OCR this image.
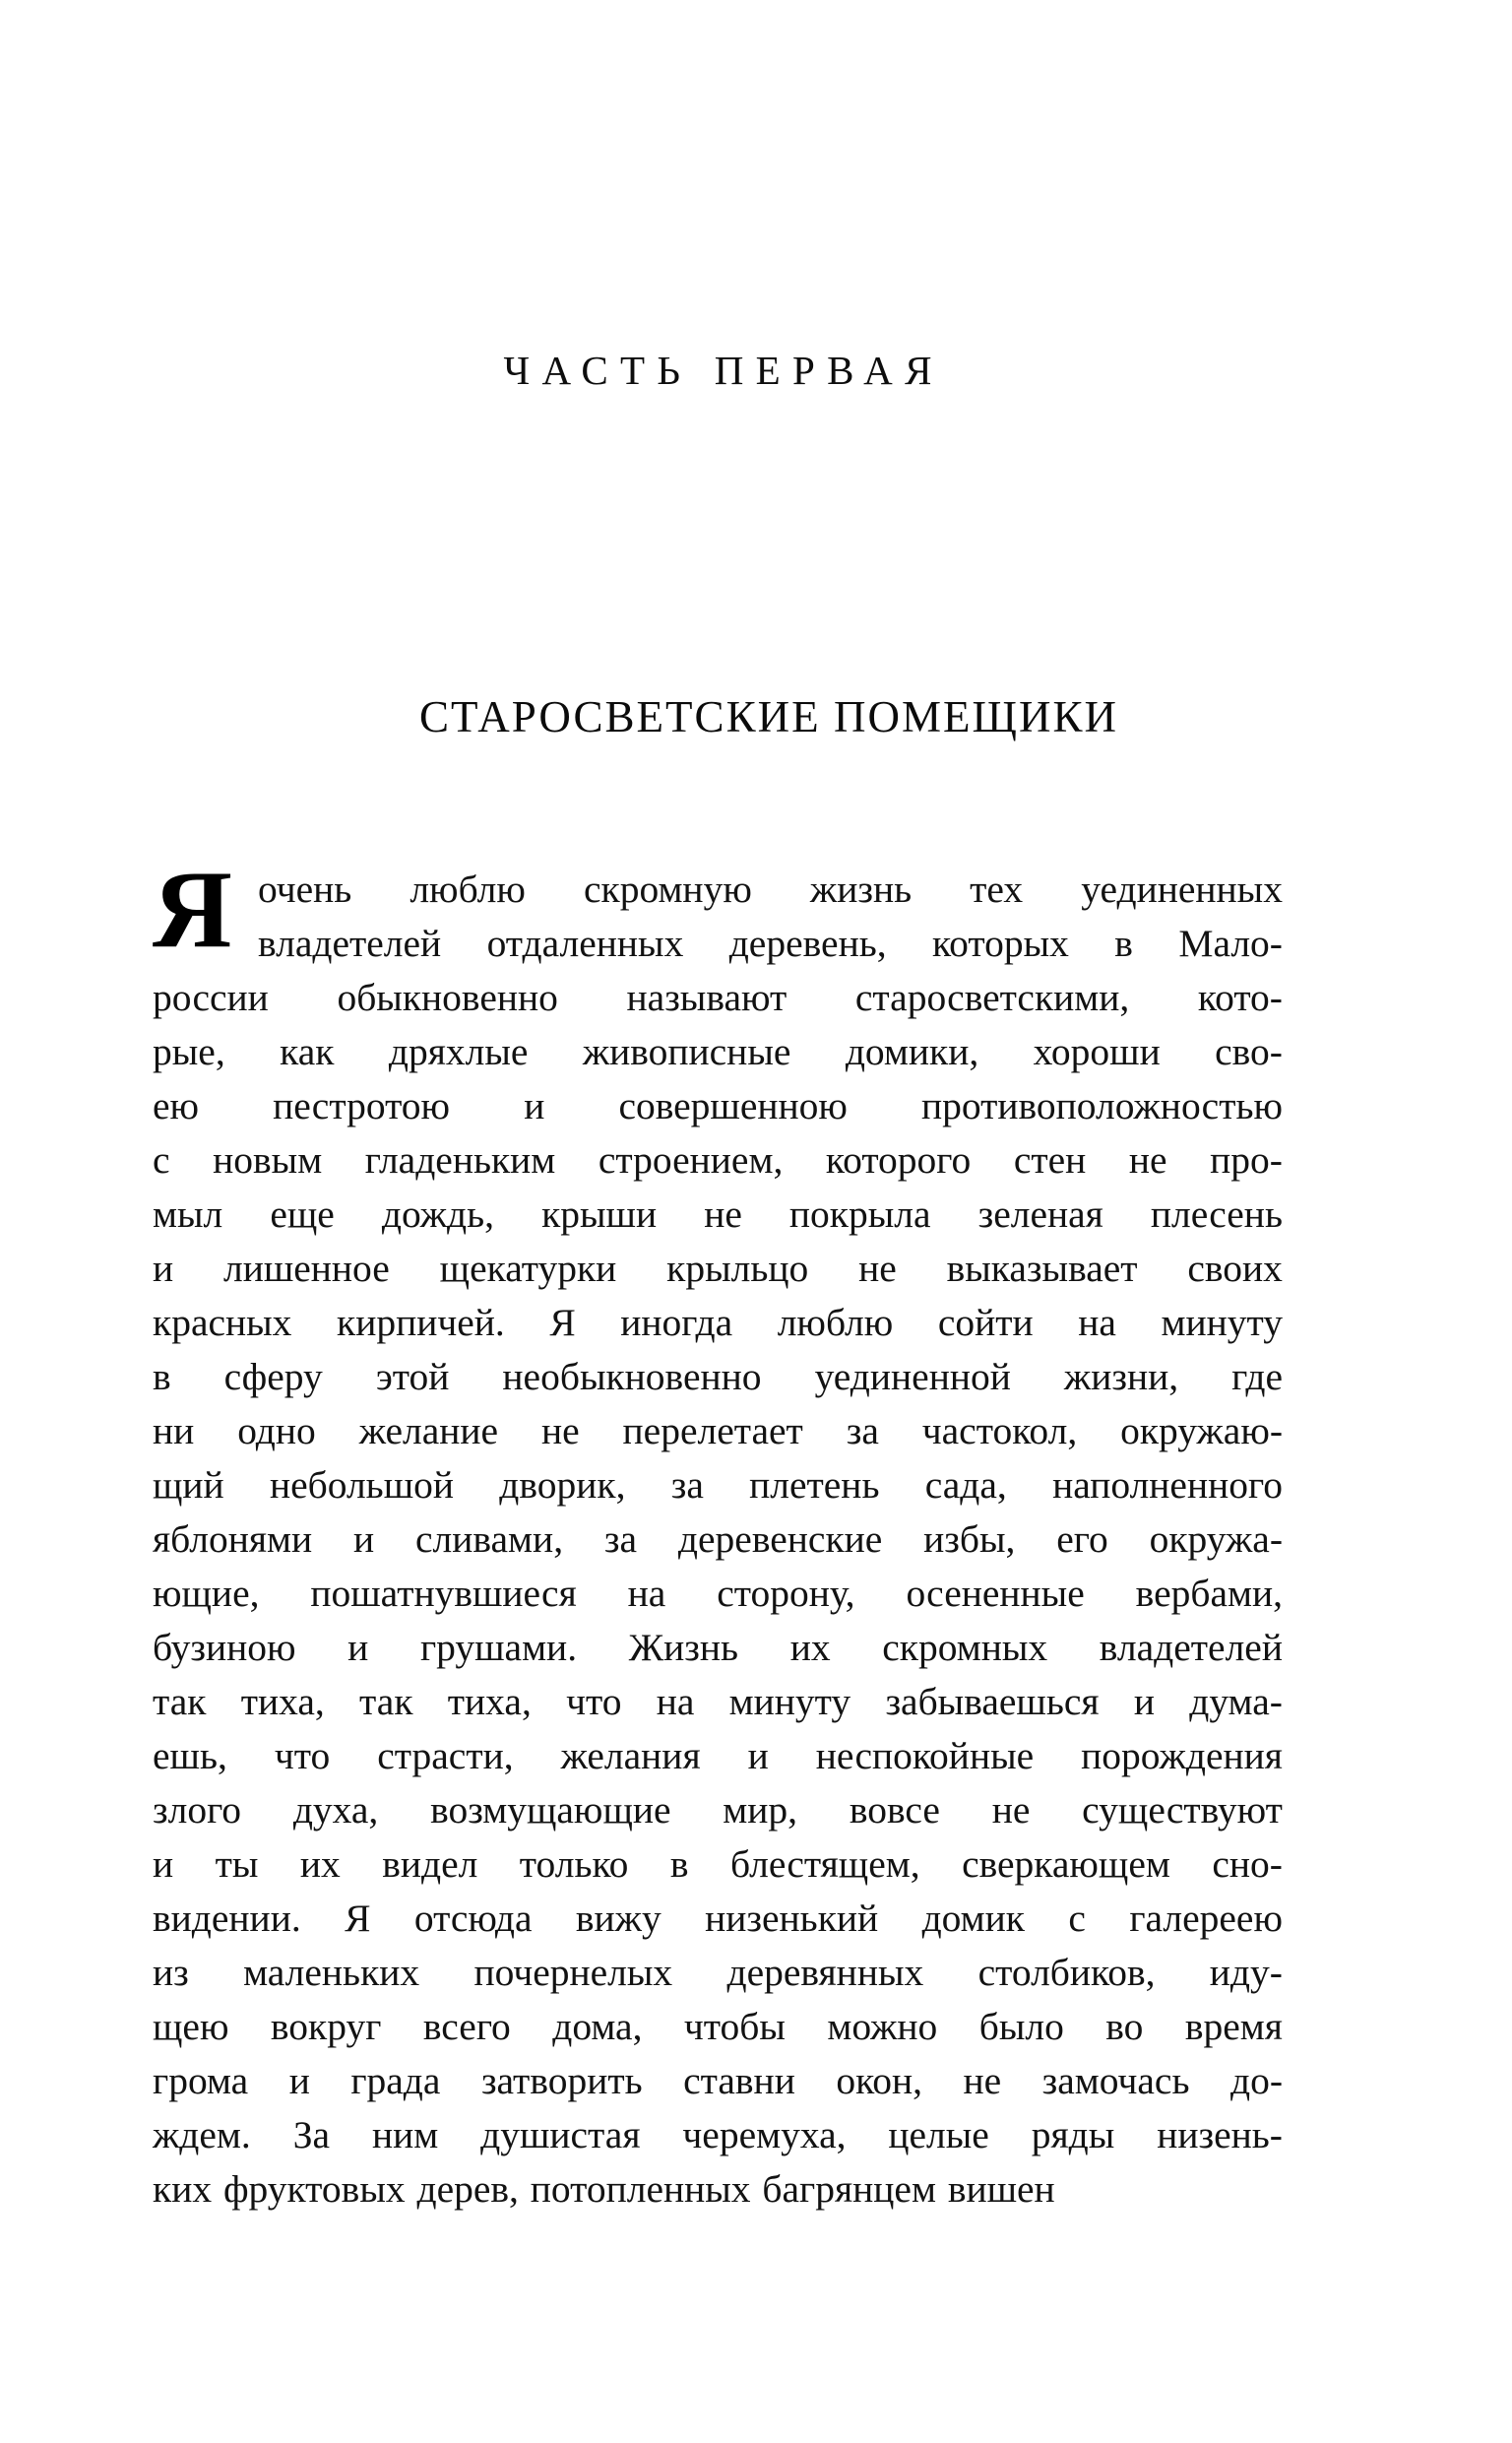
ЧАСТЬ ПЕРВАЯ
СТАРОСВЕТСКИЕ ПОМЕЩИКИ
Я очень люблю скромную жизнь тех уединенных
владетелей отдаленных деревень, которых в Мало-
россии обыкновенно называют старосветскими, кото-
рые, как дряхлые живописные домики, хороши сво-
ею пестротою и совершенною противоположностью
с новым гладеньким строением, которого стен не про-
мыл еще дождь, крыши не покрыла зеленая плесень
и лишенное щекатурки крыльцо не выказывает своих
красных кирпичей. Я иногда люблю сойти на минуту
в сферу этой необыкновенно уединенной жизни, где
ни одно желание не перелетает за частокол, окружаю-
щий небольшой дворик, за плетень сада, наполненного
яблонями и сливами, за деревенские избы, его окружа-
ющие, пошатнувшиеся на сторону, осененные вербами,
бузиною и грушами. Жизнь их скромных владетелей
так тиха, так тиха, что на минуту забываешься и дума-
ешь, что страсти, желания и неспокойные порождения
злого духа, возмущающие мир, вовсе не существуют
и ты их видел только в блестящем, сверкающем сно-
видении. Я отсюда вижу низенький домик с галереею
из маленьких почернелых деревянных столбиков, иду-
щею вокруг всего дома, чтобы можно было во время
грома и града затворить ставни окон, не замочась до-
ждем. За ним душистая черемуха, целые ряды низень-
ких фруктовых дерев, потопленных багрянцем вишен
